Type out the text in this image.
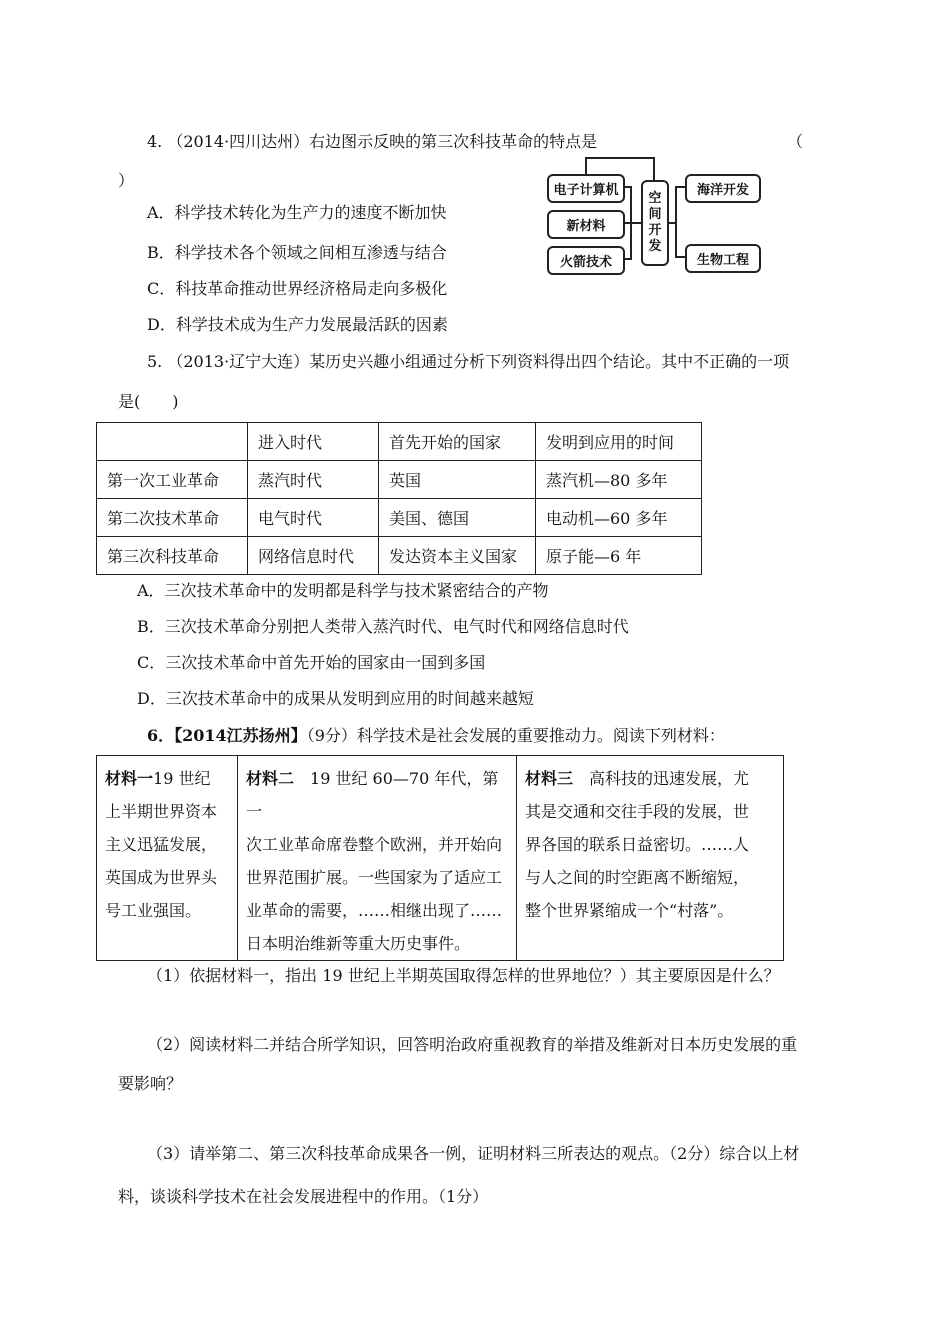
4. （2014·四川达州）右边图示反映的第三次科技革命的特点是	（
）
A．科学技术转化为生产力的速度不断加快
B．科学技术各个领域之间相互渗透与结合
C．科技革命推动世界经济格局走向多极化
D．科学技术成为生产力发展最活跃的因素
电子计算机
新材料
火箭技术
空
间
开
发
海洋开发
生物工程
5. （2013·辽宁大连）某历史兴趣小组通过分析下列资料得出四个结论。其中不正确的一项
是(　　)
	进入时代	首先开始的国家	发明到应用的时间
第一次工业革命	蒸汽时代	英国	蒸汽机—80 多年
第二次技术革命	电气时代	美国、德国	电动机—60 多年
第三次科技革命	网络信息时代	发达资本主义国家	原子能—6 年
A．三次技术革命中的发明都是科学与技术紧密结合的产物
B．三次技术革命分别把人类带入蒸汽时代、电气时代和网络信息时代
C．三次技术革命中首先开始的国家由一国到多国
D．三次技术革命中的成果从发明到应用的时间越来越短
6．【2014江苏扬州】（9分）科学技术是社会发展的重要推动力。阅读下列材料：
材料一19 世纪
上半期世界资本
主义迅猛发展，
英国成为世界头
号工业强国。	材料二　19 世纪 60—70 年代，第一
次工业革命席卷整个欧洲，并开始向
世界范围扩展。一些国家为了适应工
业革命的需要，……相继出现了……
日本明治维新等重大历史事件。	材料三　高科技的迅速发展，尤
其是交通和交往手段的发展，世
界各国的联系日益密切。……人
与人之间的时空距离不断缩短，
整个世界紧缩成一个“村落”。
（1）依据材料一，指出 19 世纪上半期英国取得怎样的世界地位？）其主要原因是什么？
（2）阅读材料二并结合所学知识，回答明治政府重视教育的举措及维新对日本历史发展的重
要影响？
（3）请举第二、第三次科技革命成果各一例，证明材料三所表达的观点。（2分）综合以上材
料，谈谈科学技术在社会发展进程中的作用。（1分）
